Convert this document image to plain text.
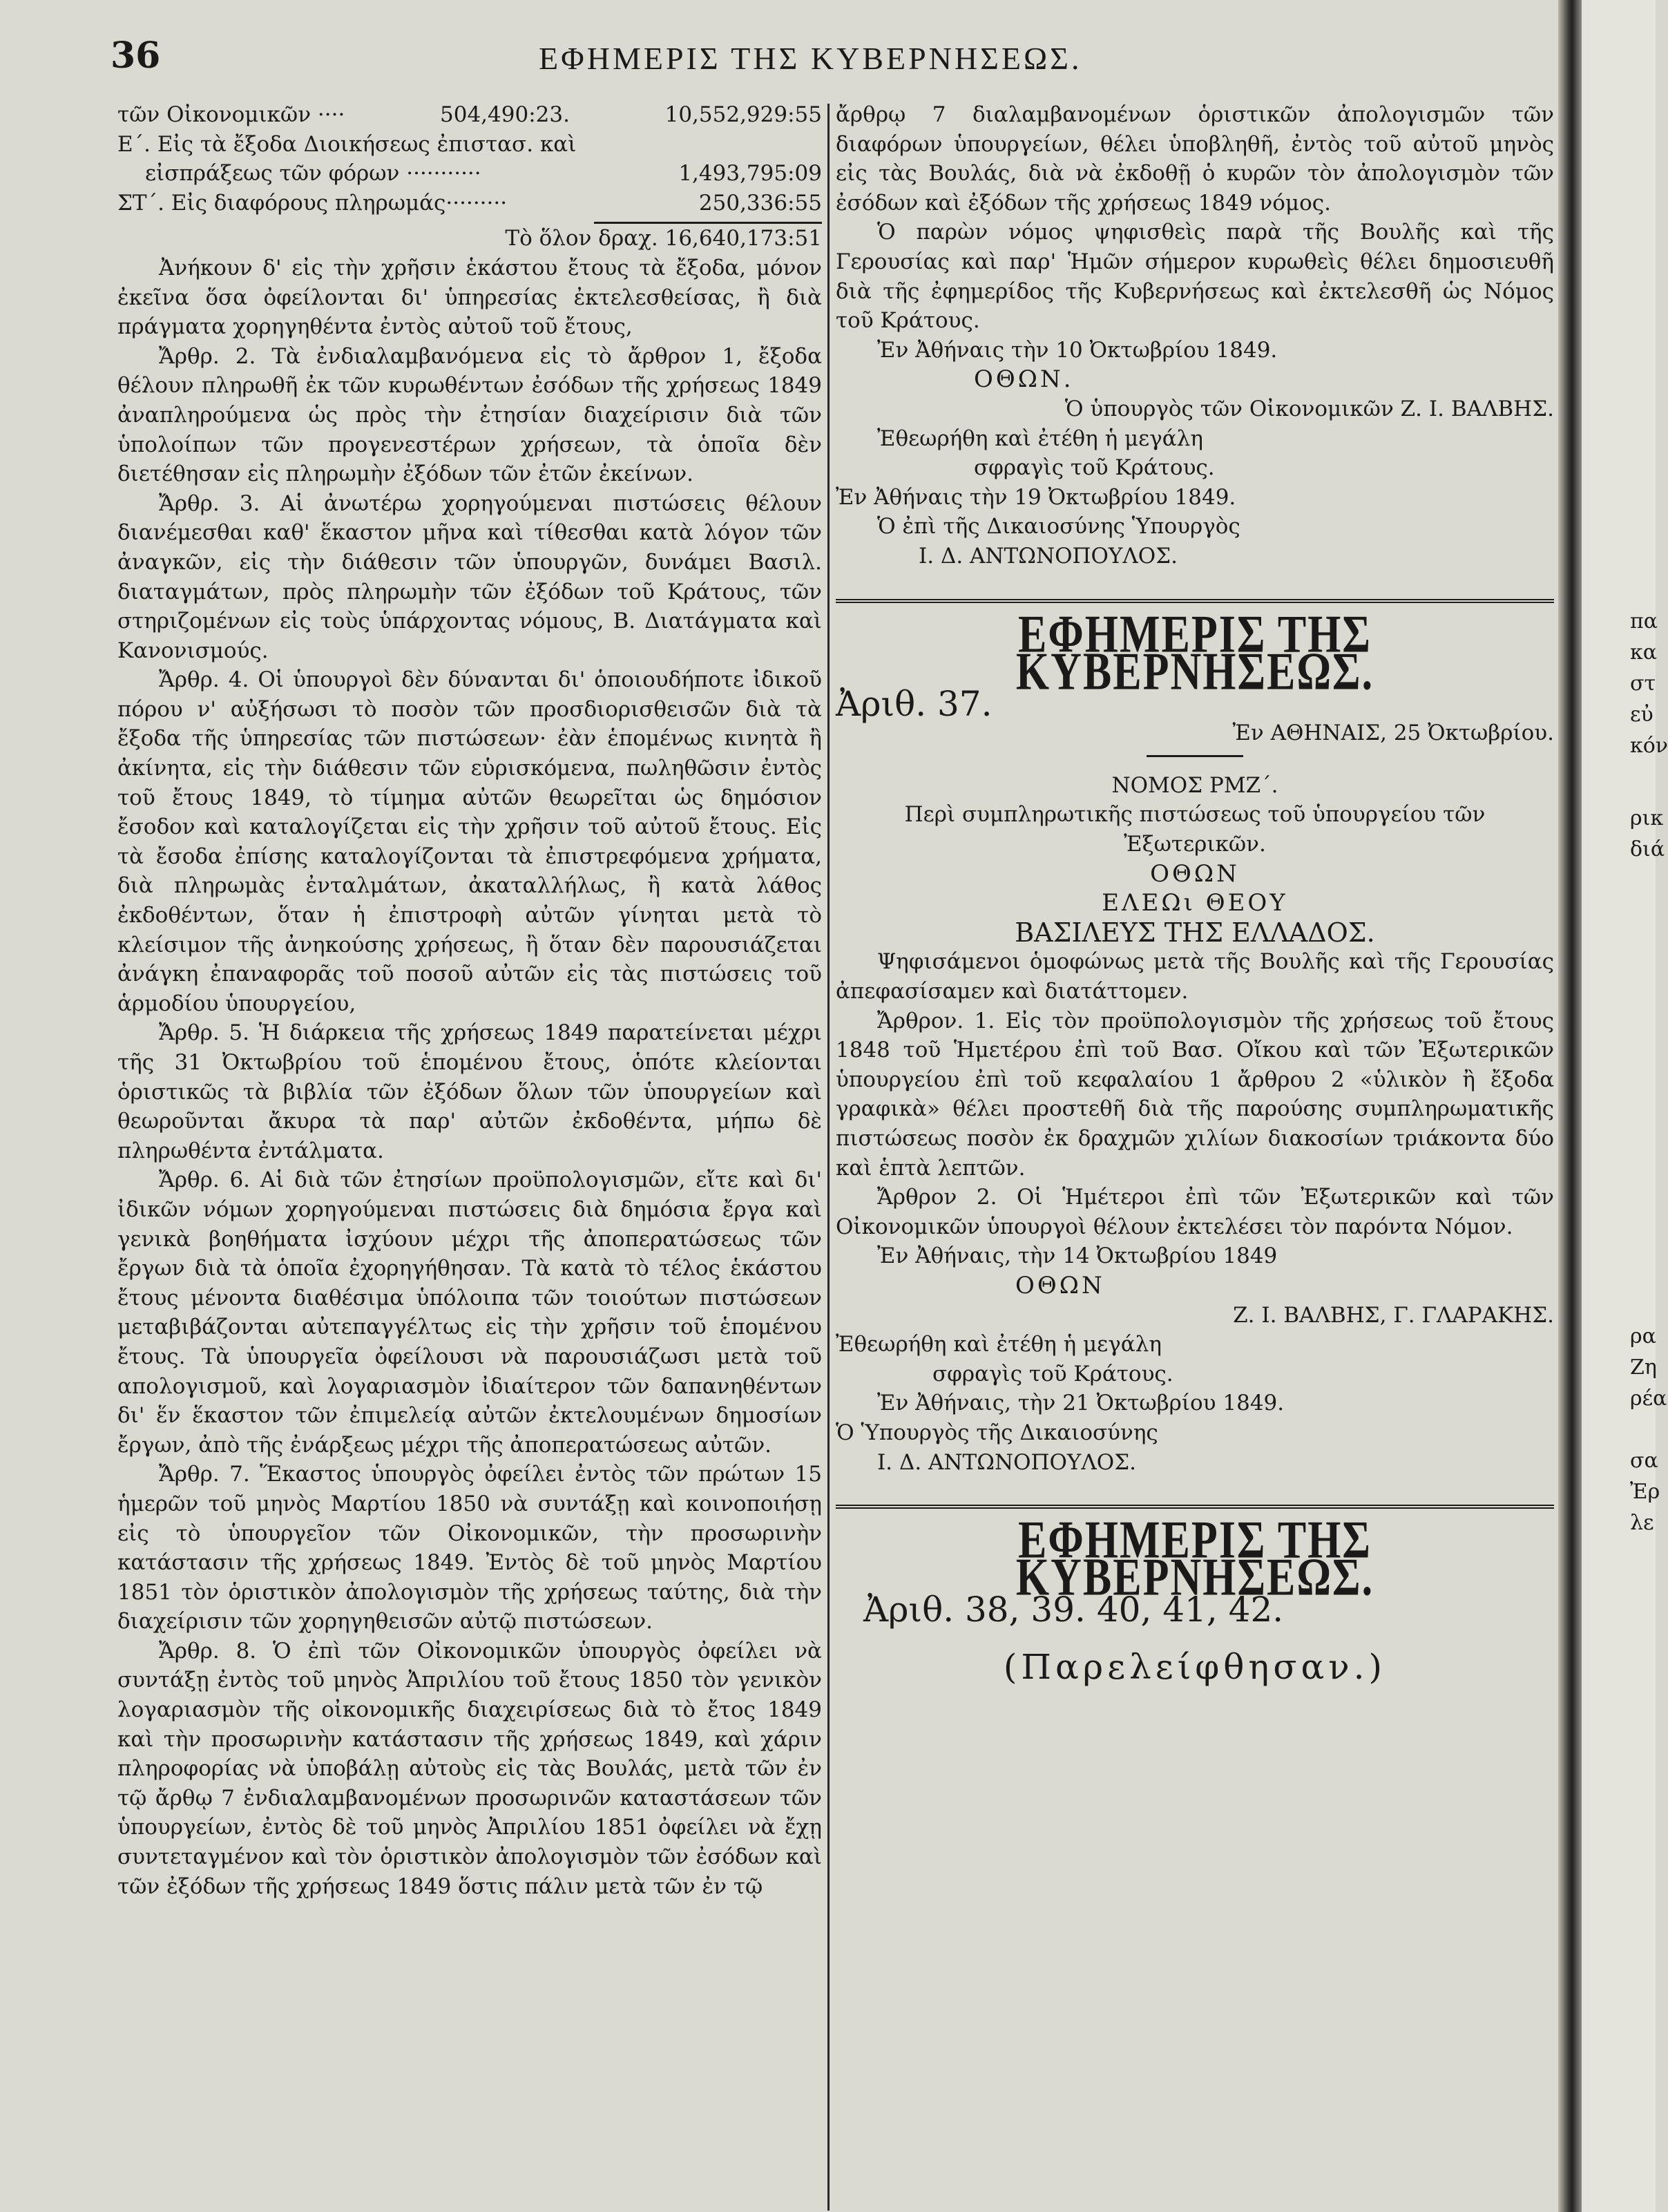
36	ΕΦΗΜΕΡΙΣ ΤΗΣ ΚΥΒΕΡΝΗΣΕΩΣ.
τῶν Οἰκονομικῶν ····	504,490:23.	10,552,929:55
Ε΄. Εἰς τὰ ἔξοδα Διοικήσεως ἐπιστασ. καὶ
εἰσπράξεως τῶν φόρων ···········	1,493,795:09
ΣΤ΄. Εἰς διαφόρους πληρωμάς·········	250,336:55

Τὸ ὅλον δραχ. 16,640,173:51

Ἀνήκουν δ' εἰς τὴν χρῆσιν ἑκάστου ἔτους τὰ ἔξοδα, μόνον ἐκεῖνα ὅσα ὀφείλονται δι' ὑπηρεσίας ἐκτελεσθείσας, ἢ διὰ πράγματα χορηγηθέντα ἐντὸς αὐτοῦ τοῦ ἔτους,

Ἄρθρ. 2. Τὰ ἐνδιαλαμβανόμενα εἰς τὸ ἄρθρον 1, ἔξοδα θέλουν πληρωθῆ ἐκ τῶν κυρωθέντων ἐσόδων τῆς χρήσεως 1849 ἀναπληρούμενα ὡς πρὸς τὴν ἐτησίαν διαχείρισιν διὰ τῶν ὑπολοίπων τῶν προγενεστέρων χρήσεων, τὰ ὁποῖα δὲν διετέθησαν εἰς πληρωμὴν ἐξόδων τῶν ἐτῶν ἐκείνων.

Ἄρθρ. 3. Αἱ ἀνωτέρω χορηγούμεναι πιστώσεις θέλουν διανέμεσθαι καθ' ἕκαστον μῆνα καὶ τίθεσθαι κατὰ λόγον τῶν ἀναγκῶν, εἰς τὴν διάθεσιν τῶν ὑπουργῶν, δυνάμει Βασιλ. διαταγμάτων, πρὸς πληρωμὴν τῶν ἐξόδων τοῦ Κράτους, τῶν στηριζομένων εἰς τοὺς ὑπάρχοντας νόμους, Β. Διατάγματα καὶ Κανονισμούς.

Ἄρθρ. 4. Οἱ ὑπουργοὶ δὲν δύνανται δι' ὁποιουδήποτε ἰδικοῦ πόρου ν' αὐξήσωσι τὸ ποσὸν τῶν προσδιορισθεισῶν διὰ τὰ ἔξοδα τῆς ὑπηρεσίας τῶν πιστώσεων· ἐὰν ἑπομένως κινητὰ ἢ ἀκίνητα, εἰς τὴν διάθεσιν τῶν εὑρισκόμενα, πωληθῶσιν ἐντὸς τοῦ ἔτους 1849, τὸ τίμημα αὐτῶν θεωρεῖται ὡς δημόσιον ἔσοδον καὶ καταλογίζεται εἰς τὴν χρῆσιν τοῦ αὐτοῦ ἔτους. Εἰς τὰ ἔσοδα ἐπίσης καταλογίζονται τὰ ἐπιστρεφόμενα χρήματα, διὰ πληρωμὰς ἐνταλμάτων, ἀκαταλλήλως, ἢ κατὰ λάθος ἐκδοθέντων, ὅταν ἡ ἐπιστροφὴ αὐτῶν γίνηται μετὰ τὸ κλείσιμον τῆς ἀνηκούσης χρήσεως, ἢ ὅταν δὲν παρουσιάζεται ἀνάγκη ἐπαναφορᾶς τοῦ ποσοῦ αὐτῶν εἰς τὰς πιστώσεις τοῦ ἁρμοδίου ὑπουργείου,

Ἄρθρ. 5. Ἡ διάρκεια τῆς χρήσεως 1849 παρατείνεται μέχρι τῆς 31 Ὀκτωβρίου τοῦ ἑπομένου ἔτους, ὁπότε κλείονται ὁριστικῶς τὰ βιβλία τῶν ἐξόδων ὅλων τῶν ὑπουργείων καὶ θεωροῦνται ἄκυρα τὰ παρ' αὐτῶν ἐκδοθέντα, μήπω δὲ πληρωθέντα ἐντάλματα.

Ἄρθρ. 6. Αἱ διὰ τῶν ἐτησίων προϋπολογισμῶν, εἴτε καὶ δι' ἰδικῶν νόμων χορηγούμεναι πιστώσεις διὰ δημόσια ἔργα καὶ γενικὰ βοηθήματα ἰσχύουν μέχρι τῆς ἀποπερατώσεως τῶν ἔργων διὰ τὰ ὁποῖα ἐχορηγήθησαν. Τὰ κατὰ τὸ τέλος ἑκάστου ἔτους μένοντα διαθέσιμα ὑπόλοιπα τῶν τοιούτων πιστώσεων μεταβιβάζονται αὐτεπαγγέλτως εἰς τὴν χρῆσιν τοῦ ἑπομένου ἔτους. Τὰ ὑπουργεῖα ὀφείλουσι νὰ παρουσιάζωσι μετὰ τοῦ απολογισμοῦ, καὶ λογαριασμὸν ἰδιαίτερον τῶν δαπανηθέντων δι' ἕν ἕκαστον τῶν ἐπιμελείᾳ αὐτῶν ἐκτελουμένων δημοσίων ἔργων, ἀπὸ τῆς ἐνάρξεως μέχρι τῆς ἀποπερατώσεως αὐτῶν.

Ἄρθρ. 7. Ἕκαστος ὑπουργὸς ὀφείλει ἐντὸς τῶν πρώτων 15 ἡμερῶν τοῦ μηνὸς Μαρτίου 1850 νὰ συντάξῃ καὶ κοινοποιήσῃ εἰς τὸ ὑπουργεῖον τῶν Οἰκονομικῶν, τὴν προσωρινὴν κατάστασιν τῆς χρήσεως 1849. Ἐντὸς δὲ τοῦ μηνὸς Μαρτίου 1851 τὸν ὁριστικὸν ἀπολογισμὸν τῆς χρήσεως ταύτης, διὰ τὴν διαχείρισιν τῶν χορηγηθεισῶν αὐτῷ πιστώσεων.

Ἄρθρ. 8. Ὁ ἐπὶ τῶν Οἰκονομικῶν ὑπουργὸς ὀφείλει νὰ συντάξῃ ἐντὸς τοῦ μηνὸς Ἀπριλίου τοῦ ἔτους 1850 τὸν γενικὸν λογαριασμὸν τῆς οἰκονομικῆς διαχειρίσεως διὰ τὸ ἔτος 1849 καὶ τὴν προσωρινὴν κατάστασιν τῆς χρήσεως 1849, καὶ χάριν πληροφορίας νὰ ὑποβάλῃ αὐτοὺς εἰς τὰς Βουλάς, μετὰ τῶν ἐν τῷ ἄρθῳ 7 ἐνδιαλαμβανομένων προσωρινῶν καταστάσεων τῶν ὑπουργείων, ἐντὸς δὲ τοῦ μηνὸς Ἀπριλίου 1851 ὀφείλει νὰ ἔχῃ συντεταγμένον καὶ τὸν ὁριστικὸν ἀπολογισμὸν τῶν ἐσόδων καὶ τῶν ἐξόδων τῆς χρήσεως 1849 ὅστις πάλιν μετὰ τῶν ἐν τῷ

ἄρθρῳ 7 διαλαμβανομένων ὁριστικῶν ἀπολογισμῶν τῶν διαφόρων ὑπουργείων, θέλει ὑποβληθῆ, ἐντὸς τοῦ αὐτοῦ μηνὸς εἰς τὰς Βουλάς, διὰ νὰ ἐκδοθῇ ὁ κυρῶν τὸν ἀπολογισμὸν τῶν ἐσόδων καὶ ἐξόδων τῆς χρήσεως 1849 νόμος.

Ὁ παρὼν νόμος ψηφισθεὶς παρὰ τῆς Βουλῆς καὶ τῆς Γερουσίας καὶ παρ' Ἡμῶν σήμερον κυρωθεὶς θέλει δημοσιευθῆ διὰ τῆς ἐφημερίδος τῆς Κυβερνήσεως καὶ ἐκτελεσθῆ ὡς Νόμος τοῦ Κράτους.

Ἐν Ἀθήναις τὴν 10 Ὀκτωβρίου 1849.

ΟΘΩΝ.

Ὁ ὑπουργὸς τῶν Οἰκονομικῶν Ζ. Ι. ΒΑΛΒΗΣ.

Ἐθεωρήθη καὶ ἐτέθη ἡ μεγάλη

σφραγὶς τοῦ Κράτους.

Ἐν Ἀθήναις τὴν 19 Ὀκτωβρίου 1849.

Ὁ ἐπὶ τῆς Δικαιοσύνης Ὑπουργὸς

Ι. Δ. ΑΝΤΩΝΟΠΟΥΛΟΣ.

ΕΦΗΜΕΡΙΣ ΤΗΣ ΚΥΒΕΡΝΗΣΕΩΣ.
Ἀριθ. 37.

Ἐν ΑΘΗΝΑΙΣ, 25 Ὀκτωβρίου.

ΝΟΜΟΣ ΡΜΖ΄.

Περὶ συμπληρωτικῆς πιστώσεως τοῦ ὑπουργείου τῶν Ἐξωτερικῶν.

ΟΘΩΝ

ΕΛΕΩι ΘΕΟΥ

ΒΑΣΙΛΕΥΣ ΤΗΣ ΕΛΛΑΔΟΣ.

Ψηφισάμενοι ὁμοφώνως μετὰ τῆς Βουλῆς καὶ τῆς Γερουσίας ἀπεφασίσαμεν καὶ διατάττομεν.

Ἄρθρον. 1. Εἰς τὸν προϋπολογισμὸν τῆς χρήσεως τοῦ ἔτους 1848 τοῦ Ἡμετέρου ἐπὶ τοῦ Βασ. Οἴκου καὶ τῶν Ἐξωτερικῶν ὑπουργείου ἐπὶ τοῦ κεφαλαίου 1 ἄρθρου 2 «ὑλικὸν ἢ ἔξοδα γραφικὰ» θέλει προστεθῆ διὰ τῆς παρούσης συμπληρωματικῆς πιστώσεως ποσὸν ἐκ δραχμῶν χιλίων διακοσίων τριάκοντα δύο καὶ ἑπτὰ λεπτῶν.

Ἄρθρον 2. Οἱ Ἡμέτεροι ἐπὶ τῶν Ἐξωτερικῶν καὶ τῶν Οἰκονομικῶν ὑπουργοὶ θέλουν ἐκτελέσει τὸν παρόντα Νόμον.

Ἐν Ἀθήναις, τὴν 14 Ὀκτωβρίου 1849

ΟΘΩΝ

Ζ. Ι. ΒΑΛΒΗΣ, Γ. ΓΛΑΡΑΚΗΣ.

Ἐθεωρήθη καὶ ἐτέθη ἡ μεγάλη

σφραγὶς τοῦ Κράτους.

Ἐν Ἀθήναις, τὴν 21 Ὀκτωβρίου 1849.

Ὁ Ὑπουργὸς τῆς Δικαιοσύνης

Ι. Δ. ΑΝΤΩΝΟΠΟΥΛΟΣ.

ΕΦΗΜΕΡΙΣ ΤΗΣ ΚΥΒΕΡΝΗΣΕΩΣ.

Ἀριθ. 38, 39. 40, 41, 42.

(Παρελείφθησαν.)

πα
κα
στ
εὐ
κόν
ρικ
διά
ρα
Ζη
ρέα
σα
Ἐρ
λε
